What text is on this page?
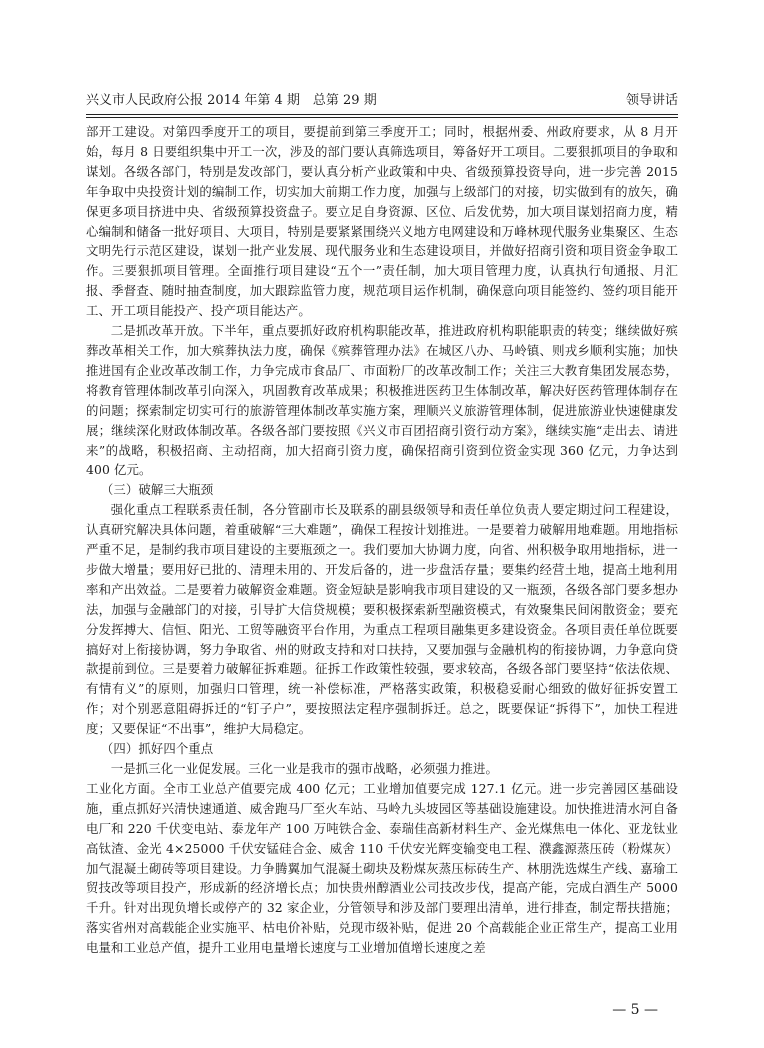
兴义市人民政府公报 2014 年第 4 期　总第 29 期	领导讲话

部开工建设。对第四季度开工的项目，要提前到第三季度开工；同时，根据州委、州政府要求，从 8 月开始，每月 8 日要组织集中开工一次，涉及的部门要认真筛选项目，筹备好开工项目。二要狠抓项目的争取和谋划。各级各部门，特别是发改部门，要认真分析产业政策和中央、省级预算投资导向，进一步完善 2015 年争取中央投资计划的编制工作，切实加大前期工作力度，加强与上级部门的对接，切实做到有的放矢，确保更多项目挤进中央、省级预算投资盘子。要立足自身资源、区位、后发优势，加大项目谋划招商力度，精心编制和储备一批好项目、大项目，特别是要紧紧围绕兴义地方电网建设和万峰林现代服务业集聚区、生态文明先行示范区建设，谋划一批产业发展、现代服务业和生态建设项目，并做好招商引资和项目资金争取工作。三要狠抓项目管理。全面推行项目建设“五个一”责任制，加大项目管理力度，认真执行旬通报、月汇报、季督查、随时抽查制度，加大跟踪监管力度，规范项目运作机制，确保意向项目能签约、签约项目能开工、开工项目能投产、投产项目能达产。

二是抓改革开放。下半年，重点要抓好政府机构职能改革，推进政府机构职能职责的转变；继续做好殡葬改革相关工作，加大殡葬执法力度，确保《殡葬管理办法》在城区八办、马岭镇、则戎乡顺利实施；加快推进国有企业改革改制工作，力争完成市食品厂、市面粉厂的改革改制工作；关注三大教育集团发展态势，将教育管理体制改革引向深入，巩固教育改革成果；积极推进医药卫生体制改革，解决好医药管理体制存在的问题；探索制定切实可行的旅游管理体制改革实施方案，理顺兴义旅游管理体制，促进旅游业快速健康发展；继续深化财政体制改革。各级各部门要按照《兴义市百团招商引资行动方案》，继续实施“走出去、请进来”的战略，积极招商、主动招商，加大招商引资力度，确保招商引资到位资金实现 360 亿元，力争达到 400 亿元。

（三）破解三大瓶颈

强化重点工程联系责任制，各分管副市长及联系的副县级领导和责任单位负责人要定期过问工程建设，认真研究解决具体问题，着重破解“三大难题”，确保工程按计划推进。一是要着力破解用地难题。用地指标严重不足，是制约我市项目建设的主要瓶颈之一。我们要加大协调力度，向省、州积极争取用地指标，进一步做大增量；要用好已批的、清理未用的、开发后备的，进一步盘活存量；要集约经营土地，提高土地利用率和产出效益。二是要着力破解资金难题。资金短缺是影响我市项目建设的又一瓶颈，各级各部门要多想办法，加强与金融部门的对接，引导扩大信贷规模；要积极探索新型融资模式，有效聚集民间闲散资金；要充分发挥搏大、信恒、阳光、工贸等融资平台作用，为重点工程项目融集更多建设资金。各项目责任单位既要搞好对上衔接协调，努力争取省、州的财政支持和对口扶持，又要加强与金融机构的衔接协调，力争意向贷款提前到位。三是要着力破解征拆难题。征拆工作政策性较强，要求较高，各级各部门要坚持“依法依规、有情有义”的原则，加强归口管理，统一补偿标准，严格落实政策，积极稳妥耐心细致的做好征拆安置工作；对个别恶意阻碍拆迁的“钉子户”，要按照法定程序强制拆迁。总之，既要保证“拆得下”，加快工程进度；又要保证“不出事”，维护大局稳定。

（四）抓好四个重点

一是抓三化一业促发展。三化一业是我市的强市战略，必须强力推进。

工业化方面。全市工业总产值要完成 400 亿元；工业增加值要完成 127.1 亿元。进一步完善园区基础设施，重点抓好兴清快速通道、威舍跑马厂至火车站、马岭九头坡园区等基础设施建设。加快推进清水河自备电厂和 220 千伏变电站、泰龙年产 100 万吨铁合金、泰瑞佳高新材料生产、金光煤焦电一体化、亚龙钛业高钛渣、金光 4×25000 千伏安锰硅合金、威舍 110 千伏安光辉变输变电工程、濮鑫源蒸压砖（粉煤灰）加气混凝土砌砖等项目建设。力争腾翼加气混凝土砌块及粉煤灰蒸压标砖生产、林朋洗选煤生产线、嘉瑜工贸技改等项目投产，形成新的经济增长点；加快贵州醇酒业公司技改步伐，提高产能，完成白酒生产 5000 千升。针对出现负增长或停产的 32 家企业，分管领导和涉及部门要理出清单，进行排查，制定帮扶措施；落实省州对高载能企业实施平、枯电价补贴，兑现市级补贴，促进 20 个高载能企业正常生产，提高工业用电量和工业总产值，提升工业用电量增长速度与工业增加值增长速度之差

— 5 —
